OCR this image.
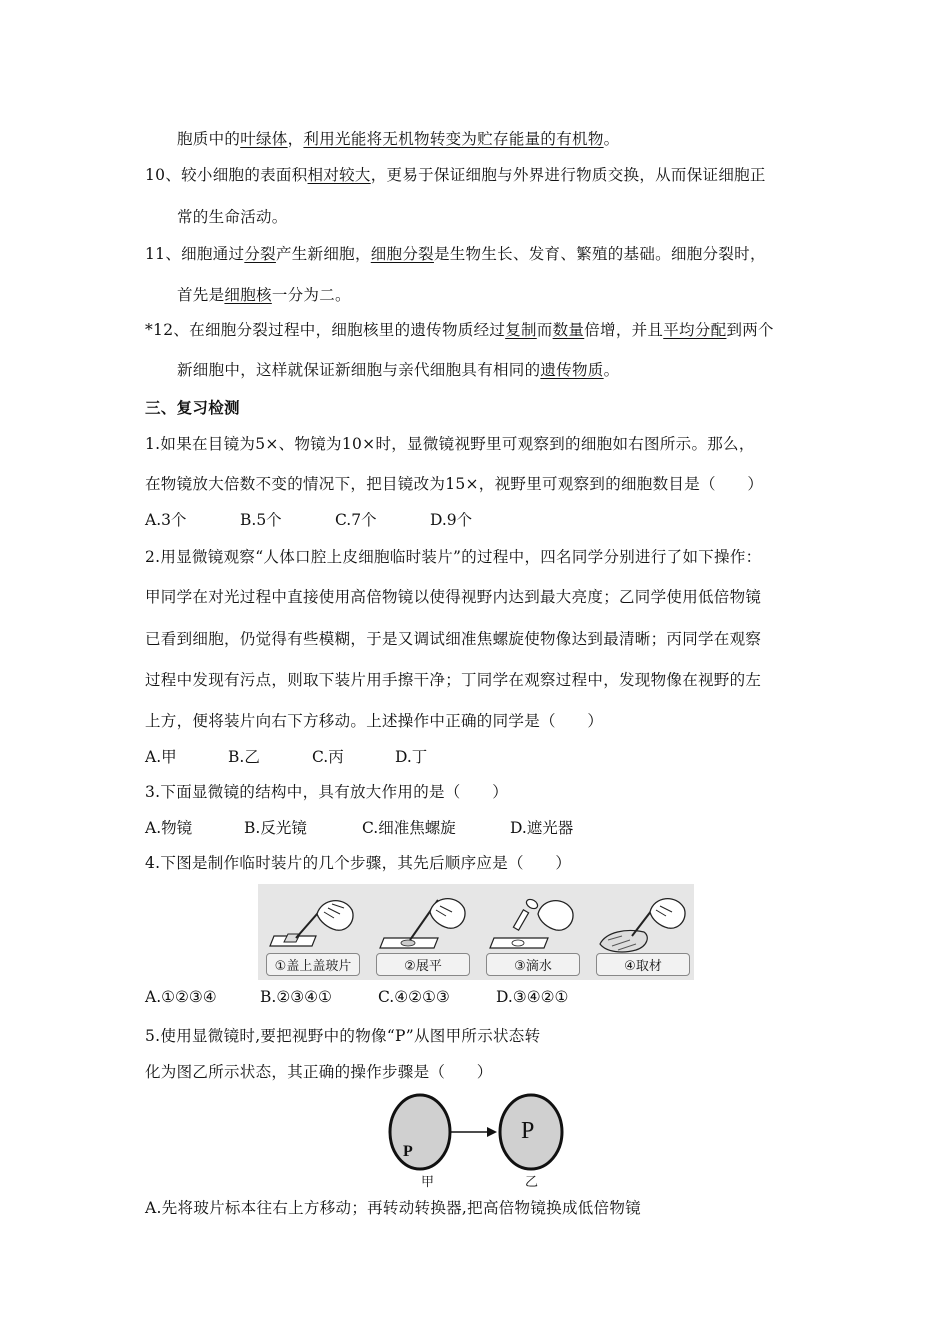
胞质中的叶绿体，利用光能将无机物转变为贮存能量的有机物。
10、较小细胞的表面积相对较大，更易于保证细胞与外界进行物质交换，从而保证细胞正
常的生命活动。
11、细胞通过分裂产生新细胞，细胞分裂是生物生长、发育、繁殖的基础。细胞分裂时，
首先是细胞核一分为二。
*12、在细胞分裂过程中，细胞核里的遗传物质经过复制而数量倍增，并且平均分配到两个
新细胞中，这样就保证新细胞与亲代细胞具有相同的遗传物质。
三、复习检测
1.如果在目镜为5×、物镜为10×时，显微镜视野里可观察到的细胞如右图所示。那么，
在物镜放大倍数不变的情况下，把目镜改为15×，视野里可观察到的细胞数目是（　　）
A.3个	B.5个	C.7个	D.9个
2.用显微镜观察“人体口腔上皮细胞临时装片”的过程中，四名同学分别进行了如下操作：
甲同学在对光过程中直接使用高倍物镜以使得视野内达到最大亮度；乙同学使用低倍物镜
已看到细胞，仍觉得有些模糊，于是又调试细准焦螺旋使物像达到最清晰；丙同学在观察
过程中发现有污点，则取下装片用手擦干净；丁同学在观察过程中，发现物像在视野的左
上方，便将装片向右下方移动。上述操作中正确的同学是（　　）
A.甲	B.乙	C.丙	D.丁
3.下面显微镜的结构中，具有放大作用的是（　　）
A.物镜	B.反光镜	C.细准焦螺旋	D.遮光器
4.下图是制作临时装片的几个步骤，其先后顺序应是（　　）
①盖上盖玻片	②展平	③滴水	④取材
A.①②③④	B.②③④①	C.④②①③	D.③④②①
5.使用显微镜时,要把视野中的物像“P”从图甲所示状态转
化为图乙所示状态，其正确的操作步骤是（　　）
P
P
甲	乙
A.先将玻片标本往右上方移动；再转动转换器,把高倍物镜换成低倍物镜
